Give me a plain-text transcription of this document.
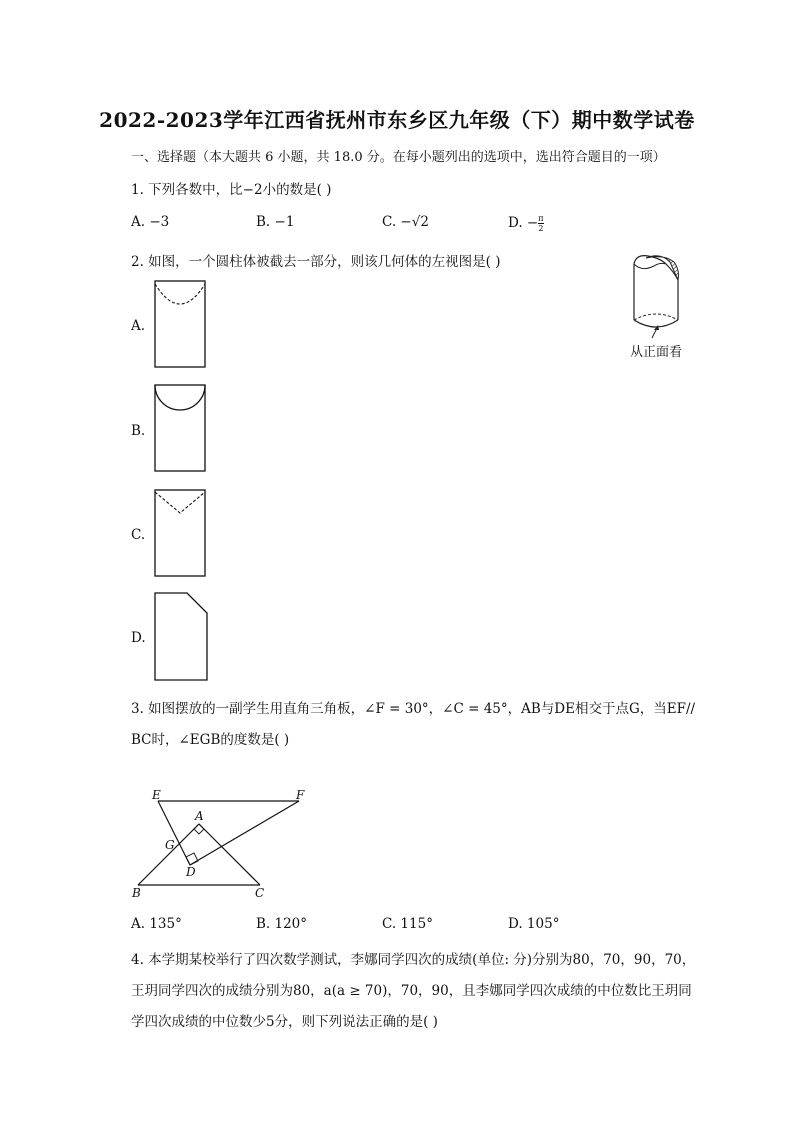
2022-2023学年江西省抚州市东乡区九年级（下）期中数学试卷
一、选择题（本大题共 6 小题，共 18.0 分。在每小题列出的选项中，选出符合题目的一项）
1. 下列各数中，比−2小的数是( )
A. −3	B. −1	C. −√2	D. − $\frac{\pi}{2}$
2. 如图，一个圆柱体被截去一部分，则该几何体的左视图是( )
从正面看
A.
B.
C.
D.
3. 如图摆放的一副学生用直角三角板，∠F = 30°，∠C = 45°，AB与DE相交于点G，当EF//
BC时，∠EGB的度数是( )
E	F
A
G
D
B	C
A. 135°	B. 120°	C. 115°	D. 105°
4. 本学期某校举行了四次数学测试，李娜同学四次的成绩(单位: 分)分别为80，70，90，70，
王玥同学四次的成绩分别为80，a(a ≥ 70)，70，90，且李娜同学四次成绩的中位数比王玥同
学四次成绩的中位数少5分，则下列说法正确的是( )
